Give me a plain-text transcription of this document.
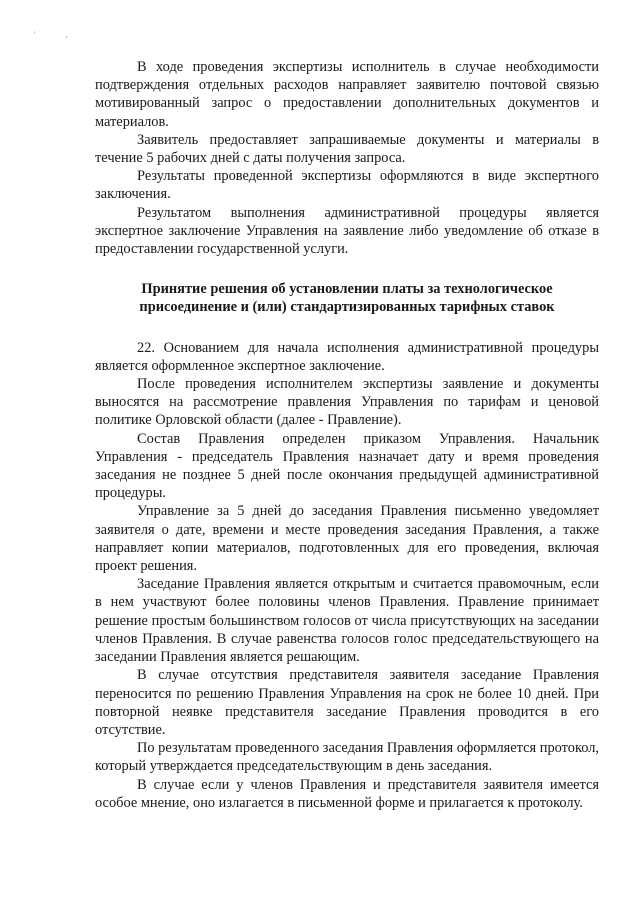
' ,

В ходе проведения экспертизы исполнитель в случае необходимости подтверждения отдельных расходов направляет заявителю почтовой связью мотивированный запрос о предоставлении дополнительных документов и материалов.

Заявитель предоставляет запрашиваемые документы и материалы в течение 5 рабочих дней с даты получения запроса.

Результаты проведенной экспертизы оформляются в виде экспертного заключения.

Результатом выполнения административной процедуры является экспертное заключение Управления на заявление либо уведомление об отказе в предоставлении государственной услуги.

Принятие решения об установлении платы за технологическое присоединение и (или) стандартизированных тарифных ставок

22. Основанием для начала исполнения административной процедуры является оформленное экспертное заключение.

После проведения исполнителем экспертизы заявление и документы выносятся на рассмотрение правления Управления по тарифам и ценовой политике Орловской области (далее - Правление).

Состав Правления определен приказом Управления. Начальник Управления - председатель Правления назначает дату и время проведения заседания не позднее 5 дней после окончания предыдущей административной процедуры.

Управление за 5 дней до заседания Правления письменно уведомляет заявителя о дате, времени и месте проведения заседания Правления, а также направляет копии материалов, подготовленных для его проведения, включая проект решения.

Заседание Правления является открытым и считается правомочным, если в нем участвуют более половины членов Правления. Правление принимает решение простым большинством голосов от числа присутствующих на заседании членов Правления. В случае равенства голосов голос председательствующего на заседании Правления является решающим.

В случае отсутствия представителя заявителя заседание Правления переносится по решению Правления Управления на срок не более 10 дней. При повторной неявке представителя заседание Правления проводится в его отсутствие.

По результатам проведенного заседания Правления оформляется протокол, который утверждается председательствующим в день заседания.

В случае если у членов Правления и представителя заявителя имеется особое мнение, оно излагается в письменной форме и прилагается к протоколу.
